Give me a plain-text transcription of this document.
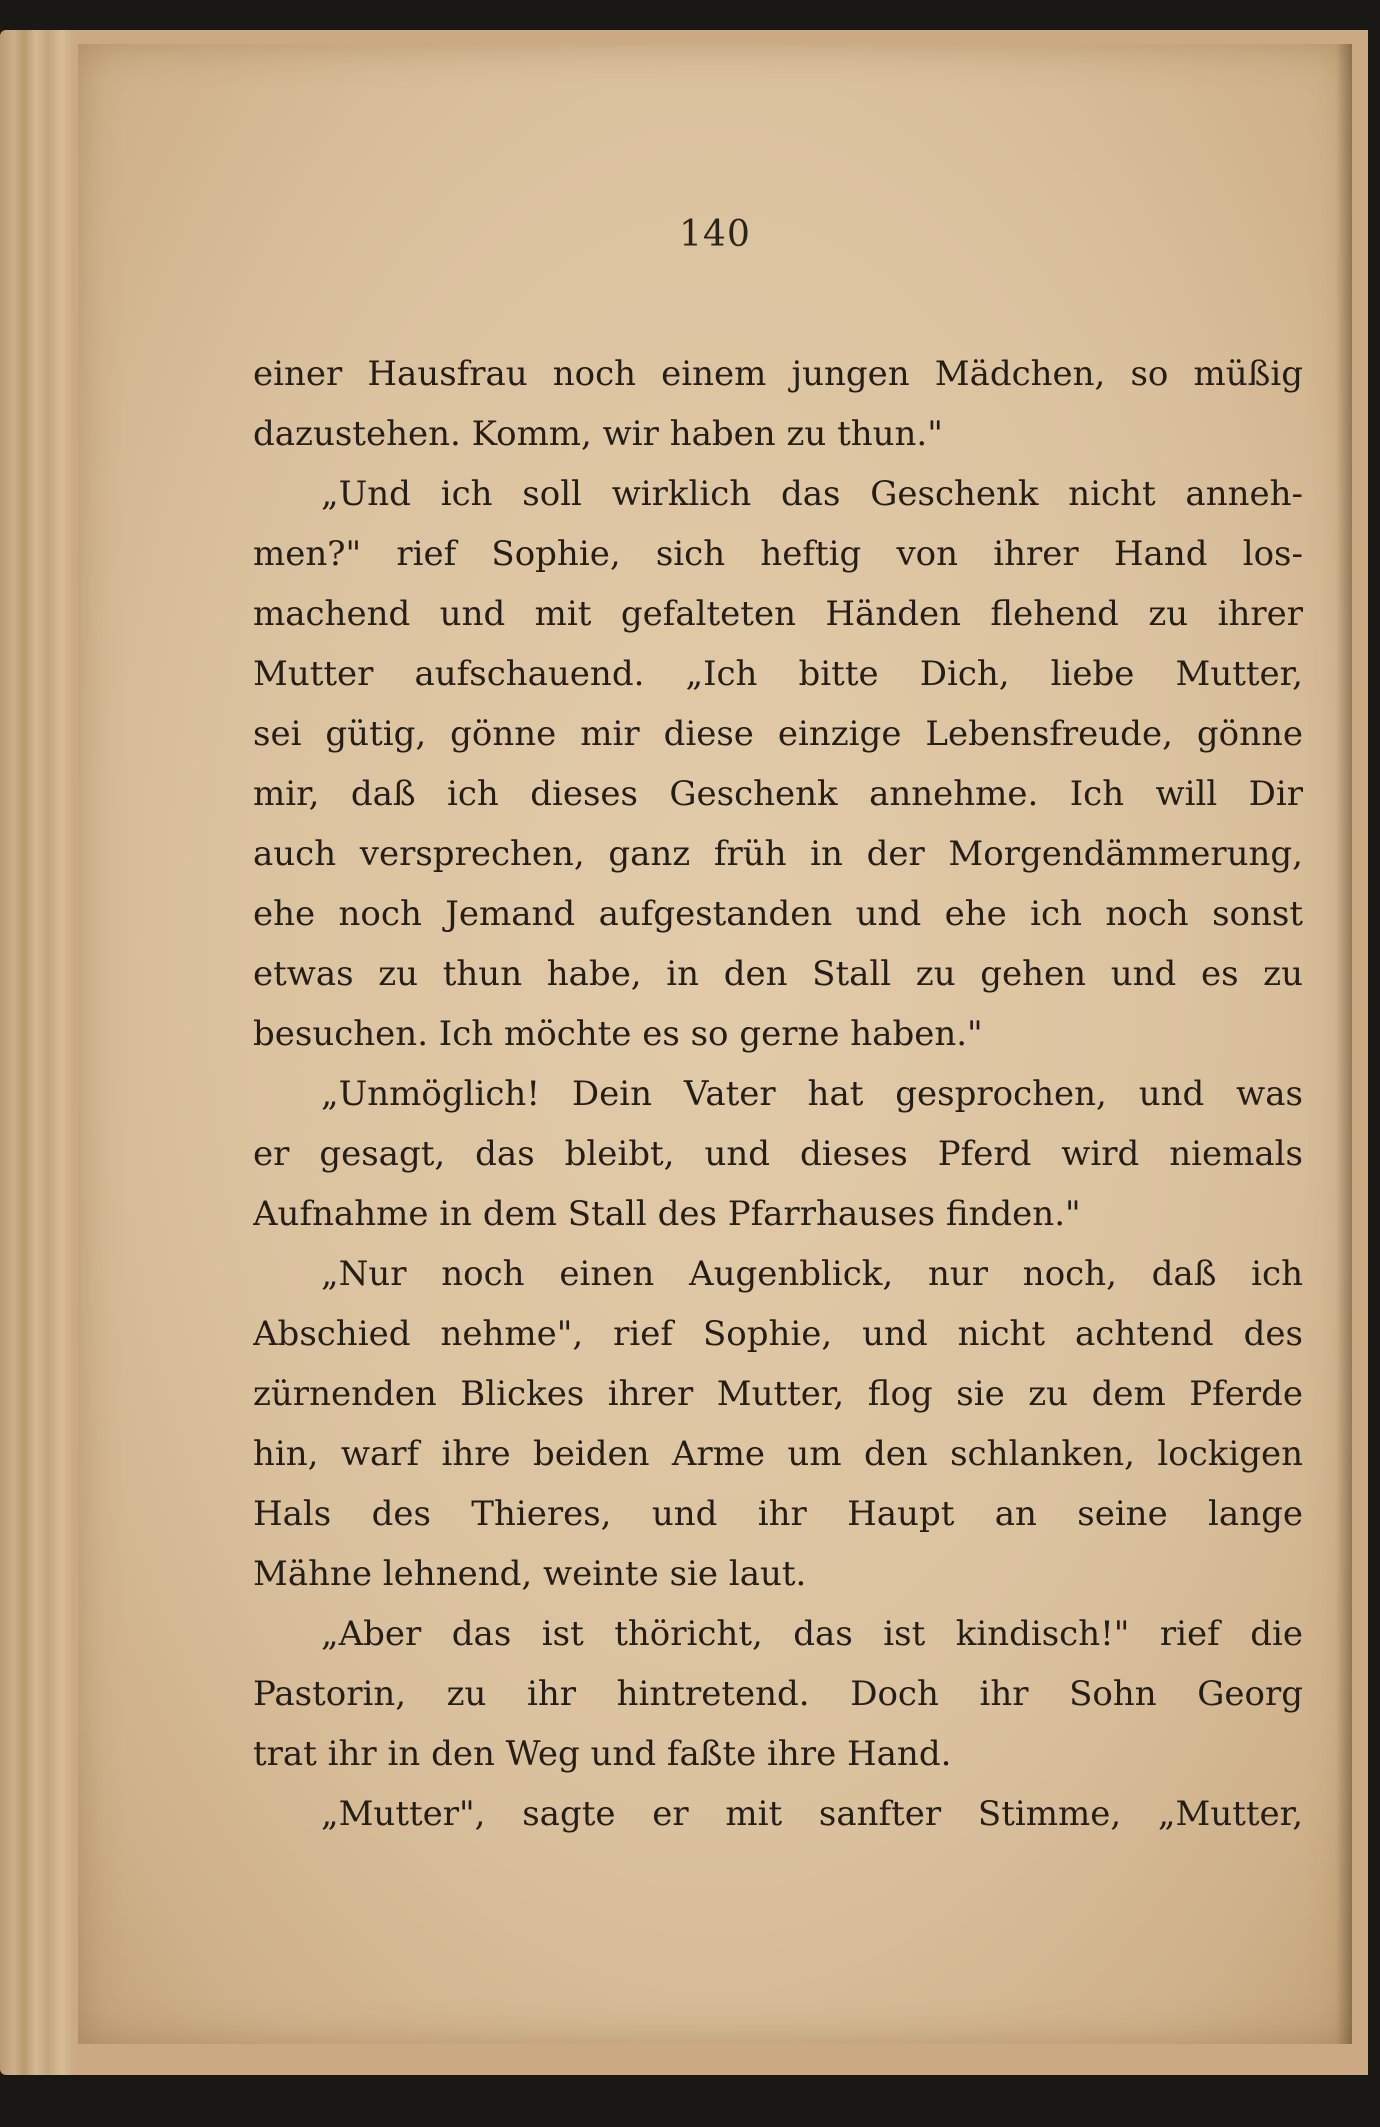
140
einer Hausfrau noch einem jungen Mädchen, so müßig
dazustehen. Komm, wir haben zu thun."
„Und ich soll wirklich das Geschenk nicht anneh-
men?" rief Sophie, sich heftig von ihrer Hand los-
machend und mit gefalteten Händen flehend zu ihrer
Mutter aufschauend. „Ich bitte Dich, liebe Mutter,
sei gütig, gönne mir diese einzige Lebensfreude, gönne
mir, daß ich dieses Geschenk annehme. Ich will Dir
auch versprechen, ganz früh in der Morgendämmerung,
ehe noch Jemand aufgestanden und ehe ich noch sonst
etwas zu thun habe, in den Stall zu gehen und es zu
besuchen. Ich möchte es so gerne haben."
„Unmöglich! Dein Vater hat gesprochen, und was
er gesagt, das bleibt, und dieses Pferd wird niemals
Aufnahme in dem Stall des Pfarrhauses finden."
„Nur noch einen Augenblick, nur noch, daß ich
Abschied nehme", rief Sophie, und nicht achtend des
zürnenden Blickes ihrer Mutter, flog sie zu dem Pferde
hin, warf ihre beiden Arme um den schlanken, lockigen
Hals des Thieres, und ihr Haupt an seine lange
Mähne lehnend, weinte sie laut.
„Aber das ist thöricht, das ist kindisch!" rief die
Pastorin, zu ihr hintretend. Doch ihr Sohn Georg
trat ihr in den Weg und faßte ihre Hand.
„Mutter", sagte er mit sanfter Stimme, „Mutter,
